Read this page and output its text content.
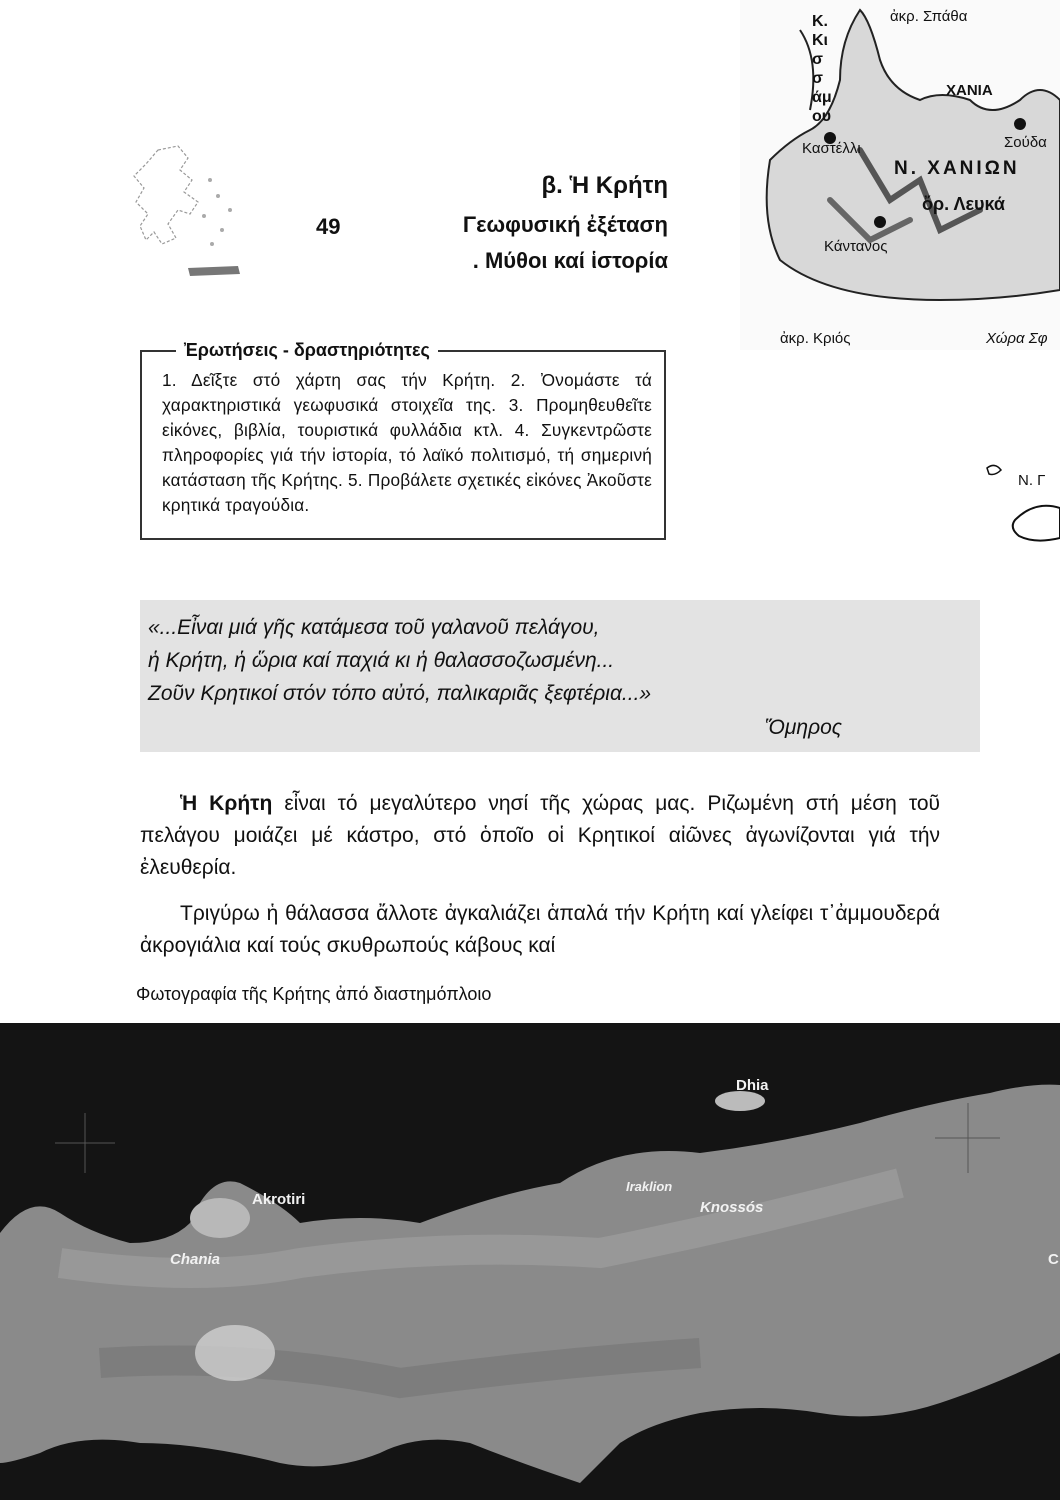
ἀκρ. Σπάθα
Κ. Κισσάμου
ΧΑΝΙΑ
Σούδα
Καστέλλι
Ν. ΧΑΝΙΩΝ
ὄρ. Λευκά
Κάντανος
ἀκρ. Κριός	Χώρα Σφ
Ν. Γ
49
β. Ἡ Κρήτη
Γεωφυσική ἐξέταση
. Μύθοι καί ἱστορία
Ἐρωτήσεις - δραστηριότητες
1. Δεῖξτε στό χάρτη σας τήν Κρήτη. 2. Ὀνομάστε τά χαρακτηριστικά γεωφυσικά στοιχεῖα της. 3. Προμηθευθεῖτε εἰκόνες, βιβλία, τουριστικά φυλλάδια κτλ. 4. Συγκεντρῶστε πληροφορίες γιά τήν ἱστορία, τό λαϊκό πολιτισμό, τή σημερινή κατάσταση τῆς Κρήτης. 5. Προβάλετε σχετικές εἰκόνες Ἀκοῦστε κρητικά τραγούδια.
«...Εἶναι μιά γῆς κατάμεσα τοῦ γαλανοῦ πελάγου,
ἡ Κρήτη, ἡ ὥρια καί παχιά κι ἡ θαλασσοζωσμένη...
Ζοῦν Κρητικοί στόν τόπο αὐτό, παλικαριᾶς ξεφτέρια...»
Ὅμηρος
Ἡ Κρήτη εἶναι τό μεγαλύτερο νησί τῆς χώρας μας. Ριζωμένη στή μέση τοῦ πελάγου μοιάζει μέ κάστρο, στό ὁποῖο οἱ Κρητικοί αἰῶνες ἀγωνίζονται γιά τήν ἐλευθερία.
Τριγύρω ἡ θάλασσα ἄλλοτε ἀγκαλιάζει ἁπαλά τήν Κρήτη καί γλείφει τ᾽ἀμμουδερά ἀκρογιάλια καί τούς σκυθρωπούς κάβους καί
Φωτογραφία τῆς Κρήτης ἀπό διαστημόπλοιο
Dhia
Akrotiri
Chania
Iraklion
Knossós
C
